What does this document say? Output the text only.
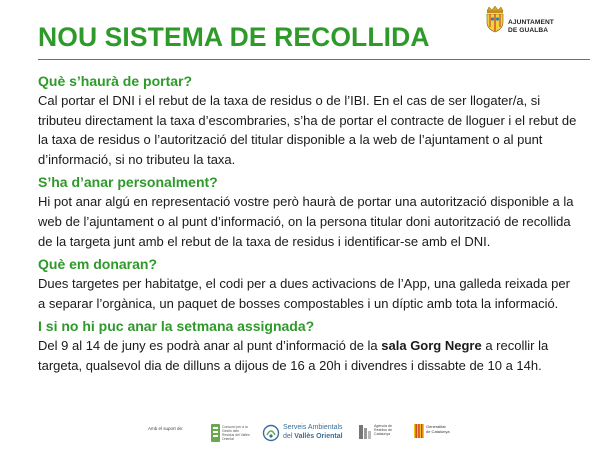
NOU SISTEMA DE RECOLLIDA	AJUNTAMENT
DE GUALBA
Què s’haurà de portar?
Cal portar el DNI i el rebut de la taxa de residus o de l’IBI. En el cas de ser llogater/a, si tributeu directament la taxa d’escombraries, s’ha de portar el contracte de lloguer i el rebut de la taxa de residus o l’autorització del titular disponible a la web de l’ajuntament o al punt d’informació, si no tributeu la taxa.
S’ha d’anar personalment?
Hi pot anar algú en representació vostre però haurà de portar una autorització disponible a la web de l’ajuntament o al punt d’informació, on la persona titular doni autorització de recollida de la targeta junt amb el rebut de la taxa de residus i identificar-se amb el DNI.
Què em donaran?
Dues targetes per habitatge, el codi per a dues activacions de l’App, una galleda reixada per a separar l’orgànica, un paquet de bosses compostables i un díptic amb tota la informació.
I si no hi puc anar la setmana assignada?
Del 9 al 14 de juny es podrà anar al punt d’informació de la sala Gorg Negre a recollir la targeta, qualsevol dia de dilluns a dijous de 16 a 20h i divendres i dissabte de 10 a 14h.
Amb el suport de:	Consorci per a la Gestió dels Residus del Vallès Oriental
Serveis Ambientals
del Vallès Oriental
Agència de Residus de Catalunya
Generalitat
de Catalunya
